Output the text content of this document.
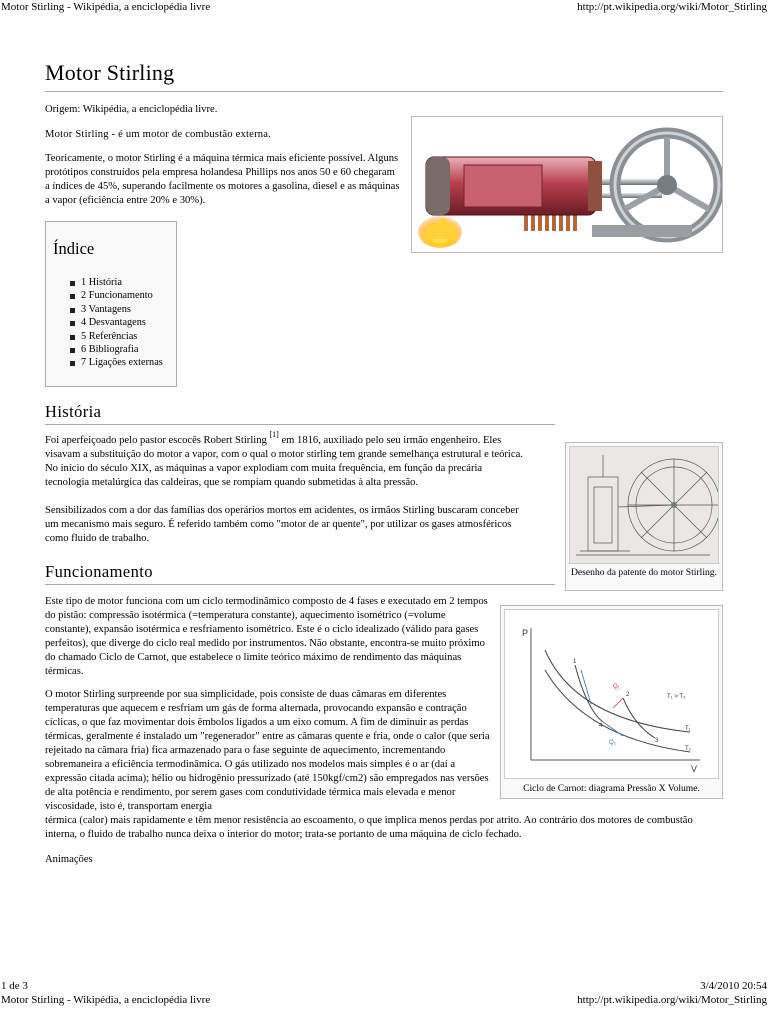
Motor Stirling - Wikipédia, a enciclopédia livre	http://pt.wikipedia.org/wiki/Motor_Stirling
1 de 3	3/4/2010 20:54
Motor Stirling - Wikipédia, a enciclopédia livre	http://pt.wikipedia.org/wiki/Motor_Stirling
Motor Stirling

Origem: Wikipédia, a enciclopédia livre.

Motor Stirling - é um motor de combustão externa.

Teoricamente, o motor Stirling é a máquina térmica mais eficiente possível. Alguns protótipos construídos pela empresa holandesa Phillips nos anos 50 e 60 chegaram a índices de 45%, superando facilmente os motores a gasolina, diesel e as máquinas a vapor (eficiência entre 20% e 30%).

Índice
1 História
2 Funcionamento
3 Vantagens
4 Desvantagens
5 Referências
6 Bibliografia
7 Ligações externas
História

Foi aperfeiçoado pelo pastor escocês Robert Stirling [1] em 1816, auxiliado pelo seu irmão engenheiro. Eles visavam a substituição do motor a vapor, com o qual o motor stirling tem grande semelhança estrutural e teórica. No início do século XIX, as máquinas a vapor explodiam com muita frequência, em função da precária tecnologia metalúrgica das caldeiras, que se rompiam quando submetidas à alta pressão.

Sensibilizados com a dor das famílias dos operários mortos em acidentes, os irmãos Stirling buscaram conceber um mecanismo mais seguro. É referido também como "motor de ar quente", por utilizar os gases atmosféricos como fluido de trabalho.

Desenho da patente do motor Stirling.
Funcionamento

Este tipo de motor funciona com um ciclo termodinâmico composto de 4 fases e executado em 2 tempos do pistão: compressão isotérmica (=temperatura constante), aquecimento isométrico (=volume constante), expansão isotérmica e resfriamento isométrico. Este é o ciclo idealizado (válido para gases perfeitos), que diverge do ciclo real medido por instrumentos. Não obstante, encontra-se muito próximo do chamado Ciclo de Carnot, que estabelece o limite teórico máximo de rendimento das máquinas térmicas.

O motor Stirling surpreende por sua simplicidade, pois consiste de duas câmaras em diferentes temperaturas que aquecem e resfriam um gás de forma alternada, provocando expansão e contração cíclicas, o que faz movimentar dois êmbolos ligados a um eixo comum. A fim de diminuir as perdas térmicas, geralmente é instalado um "regenerador" entre as câmaras quente e fria, onde o calor (que seria rejeitado na câmara fria) fica armazenado para o fase seguinte de aquecimento, incrementando sobremaneira a eficiência termodinâmica. O gás utilizado nos modelos mais simples é o ar (daí a expressão citada acima); hélio ou hidrogênio pressurizado (até 150kgf/cm2) são empregados nas versões de alta potência e rendimento, por serem gases com condutividade térmica mais elevada e menor viscosidade, isto é, transportam energia

térmica (calor) mais rapidamente e têm menor resistência ao escoamento, o que implica menos perdas por atrito. Ao contrário dos motores de combustão interna, o fluido de trabalho nunca deixa o interior do motor; trata-se portanto de uma máquina de ciclo fechado.

Animações

P
V
T₁
T₂
1
2
3
4
Q₁
Q₂
T₁ > T₂
Ciclo de Carnot: diagrama Pressão X Volume.
